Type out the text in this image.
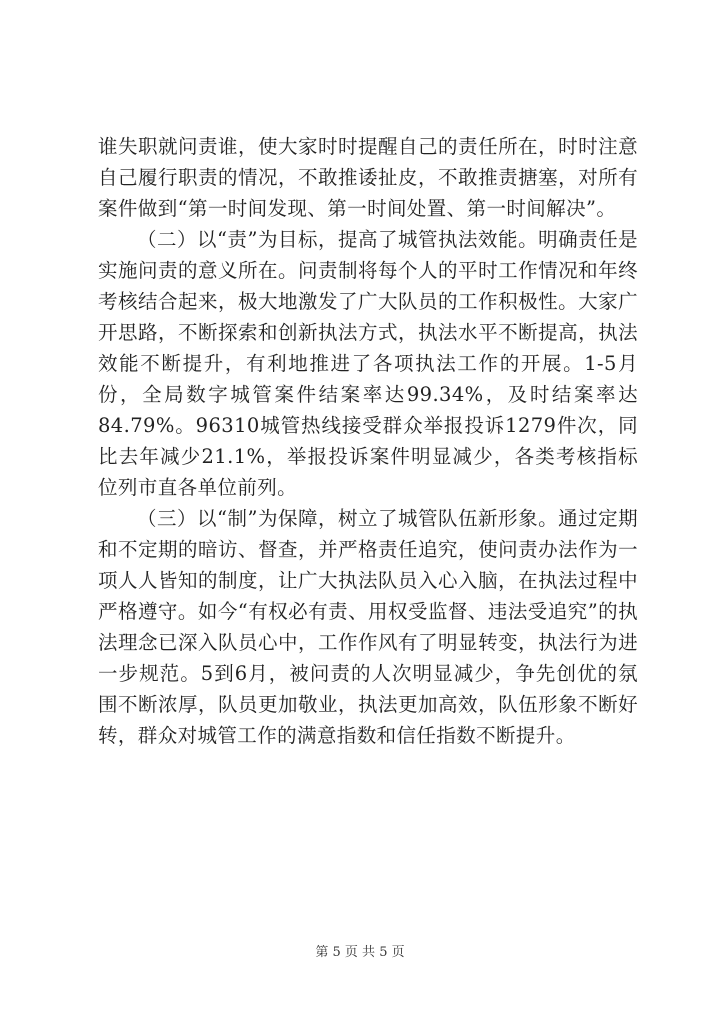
谁失职就问责谁，使大家时时提醒自己的责任所在，时时注意自己履行职责的情况，不敢推诿扯皮，不敢推责搪塞，对所有案件做到“第一时间发现、第一时间处置、第一时间解决”。

（二）以“责”为目标，提高了城管执法效能。明确责任是实施问责的意义所在。问责制将每个人的平时工作情况和年终考核结合起来，极大地激发了广大队员的工作积极性。大家广开思路，不断探索和创新执法方式，执法水平不断提高，执法效能不断提升，有利地推进了各项执法工作的开展。1-5月份，全局数字城管案件结案率达99.34%，及时结案率达84.79%。96310城管热线接受群众举报投诉1279件次，同比去年减少21.1%，举报投诉案件明显减少，各类考核指标位列市直各单位前列。

（三）以“制”为保障，树立了城管队伍新形象。通过定期和不定期的暗访、督查，并严格责任追究，使问责办法作为一项人人皆知的制度，让广大执法队员入心入脑，在执法过程中严格遵守。如今“有权必有责、用权受监督、违法受追究”的执法理念已深入队员心中，工作作风有了明显转变，执法行为进一步规范。5到6月，被问责的人次明显减少，争先创优的氛围不断浓厚，队员更加敬业，执法更加高效，队伍形象不断好转，群众对城管工作的满意指数和信任指数不断提升。

第 5 页 共 5 页
